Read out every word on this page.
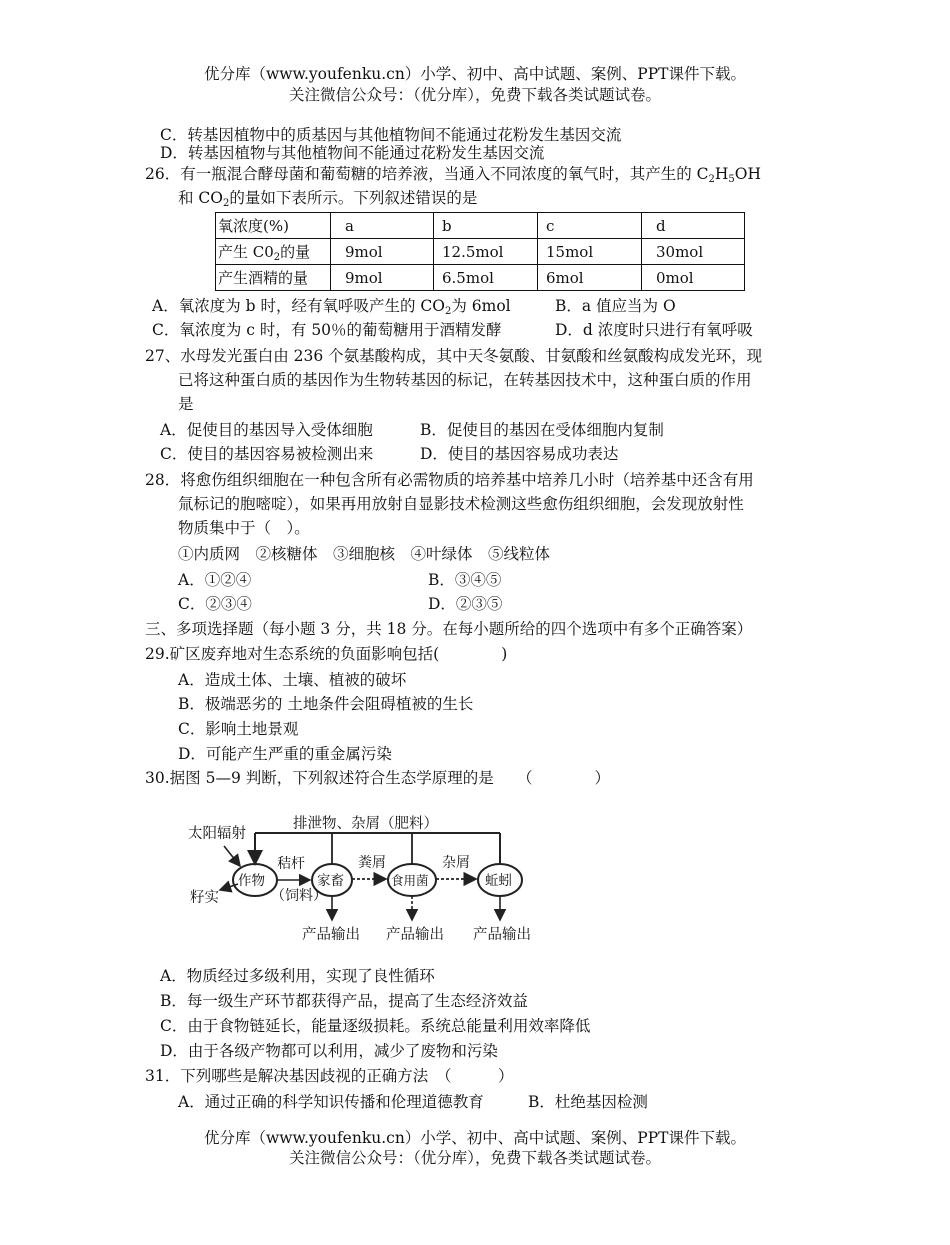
优分库（www.youfenku.cn）小学、初中、高中试题、案例、PPT课件下载。
关注微信公众号：（优分库），免费下载各类试题试卷。
C．转基因植物中的质基因与其他植物间不能通过花粉发生基因交流
D．转基因植物与其他植物间不能通过花粉发生基因交流
26．有一瓶混合酵母菌和葡萄糖的培养液，当通入不同浓度的氧气时，其产生的 $C_2H_5OH$
和 $CO_2$的量如下表所示。下列叙述错误的是
氧浓度(%)	a	b	c	d
产生 $C0_2$的量	9mol	12.5mol	15mol	30mol
产生酒精的量	9mol	6.5mol	6mol	0mol
A．氧浓度为 b 时，经有氧呼吸产生的 $CO_2$为 6mol	B．a 值应当为 O
C．氧浓度为 c 时，有 50％的葡萄糖用于酒精发酵	D．d 浓度时只进行有氧呼吸
27、水母发光蛋白由 236 个氨基酸构成，其中天冬氨酸、甘氨酸和丝氨酸构成发光环，现
已将这种蛋白质的基因作为生物转基因的标记，在转基因技术中，这种蛋白质的作用
是
A．促使目的基因导入受体细胞	B．促使目的基因在受体细胞内复制
C．使目的基因容易被检测出来	D．使目的基因容易成功表达
28．将愈伤组织细胞在一种包含所有必需物质的培养基中培养几小时（培养基中还含有用
氚标记的胞嘧啶），如果再用放射自显影技术检测这些愈伤组织细胞，会发现放射性
物质集中于（　）。
①内质网　②核糖体　③细胞核　④叶绿体　⑤线粒体
A．①②④	B．③④⑤
C．②③④	D．②③⑤
三、多项选择题（每小题 3 分，共 18 分。在每小题所给的四个选项中有多个正确答案）
29.矿区废弃地对生态系统的负面影响包括(　　　　)
A．造成土体、土壤、植被的破坏
B．极端恶劣的 土地条件会阻碍植被的生长
C．影响土地景观
D．可能产生严重的重金属污染
30.据图 5—9 判断，下列叙述符合生态学原理的是　　（　　　　）
排泄物、杂屑（肥料）
太阳辐射
籽实
作物	家畜	食用菌	蚯蚓
秸杆
（饲料）
粪屑	杂屑
产品输出 产品输出 产品输出
A．物质经过多级利用，实现了良性循环
B．每一级生产环节都获得产品，提高了生态经济效益
C．由于食物链延长，能量逐级损耗。系统总能量利用效率降低
D．由于各级产物都可以利用，减少了废物和污染
31．下列哪些是解决基因歧视的正确方法　（　　　）
A．通过正确的科学知识传播和伦理道德教育	B．杜绝基因检测
优分库（www.youfenku.cn）小学、初中、高中试题、案例、PPT课件下载。
关注微信公众号：（优分库），免费下载各类试题试卷。
